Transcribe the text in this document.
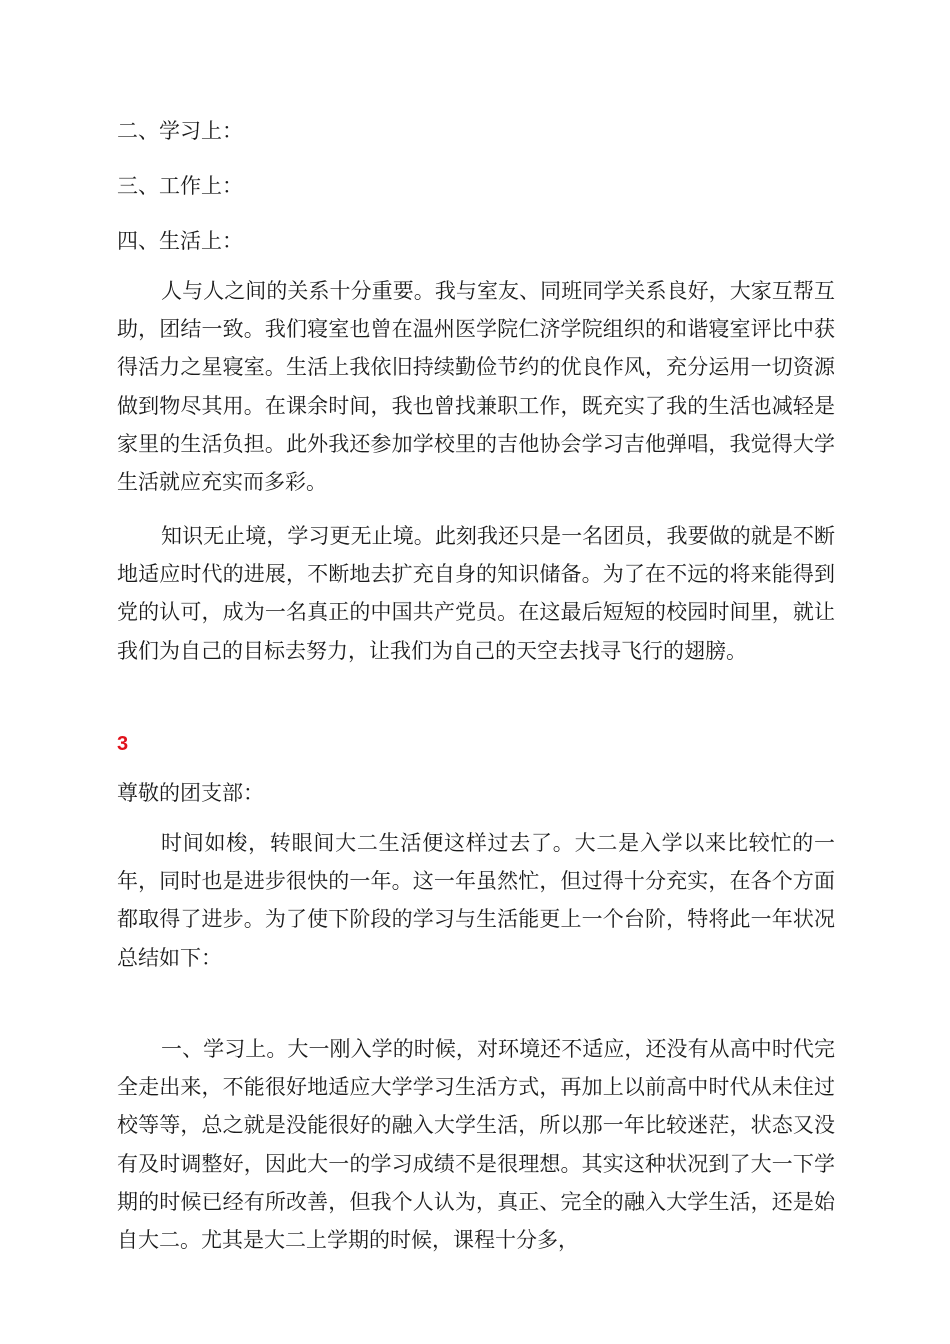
二、学习上：
三、工作上：
四、生活上：

人与人之间的关系十分重要。我与室友、同班同学关系良好，大家互帮互助，团结一致。我们寝室也曾在温州医学院仁济学院组织的和谐寝室评比中获得活力之星寝室。生活上我依旧持续勤俭节约的优良作风，充分运用一切资源做到物尽其用。在课余时间，我也曾找兼职工作，既充实了我的生活也减轻是家里的生活负担。此外我还参加学校里的吉他协会学习吉他弹唱，我觉得大学生活就应充实而多彩。

知识无止境，学习更无止境。此刻我还只是一名团员，我要做的就是不断地适应时代的进展，不断地去扩充自身的知识储备。为了在不远的将来能得到党的认可，成为一名真正的中国共产党员。在这最后短短的校园时间里，就让我们为自己的目标去努力，让我们为自己的天空去找寻飞行的翅膀。

3
尊敬的团支部：

时间如梭，转眼间大二生活便这样过去了。大二是入学以来比较忙的一年，同时也是进步很快的一年。这一年虽然忙，但过得十分充实，在各个方面都取得了进步。为了使下阶段的学习与生活能更上一个台阶，特将此一年状况总结如下：

一、学习上。大一刚入学的时候，对环境还不适应，还没有从高中时代完全走出来，不能很好地适应大学学习生活方式，再加上以前高中时代从未住过校等等，总之就是没能很好的融入大学生活，所以那一年比较迷茫，状态又没有及时调整好，因此大一的学习成绩不是很理想。其实这种状况到了大一下学期的时候已经有所改善，但我个人认为，真正、完全的融入大学生活，还是始自大二。尤其是大二上学期的时候，课程十分多，
